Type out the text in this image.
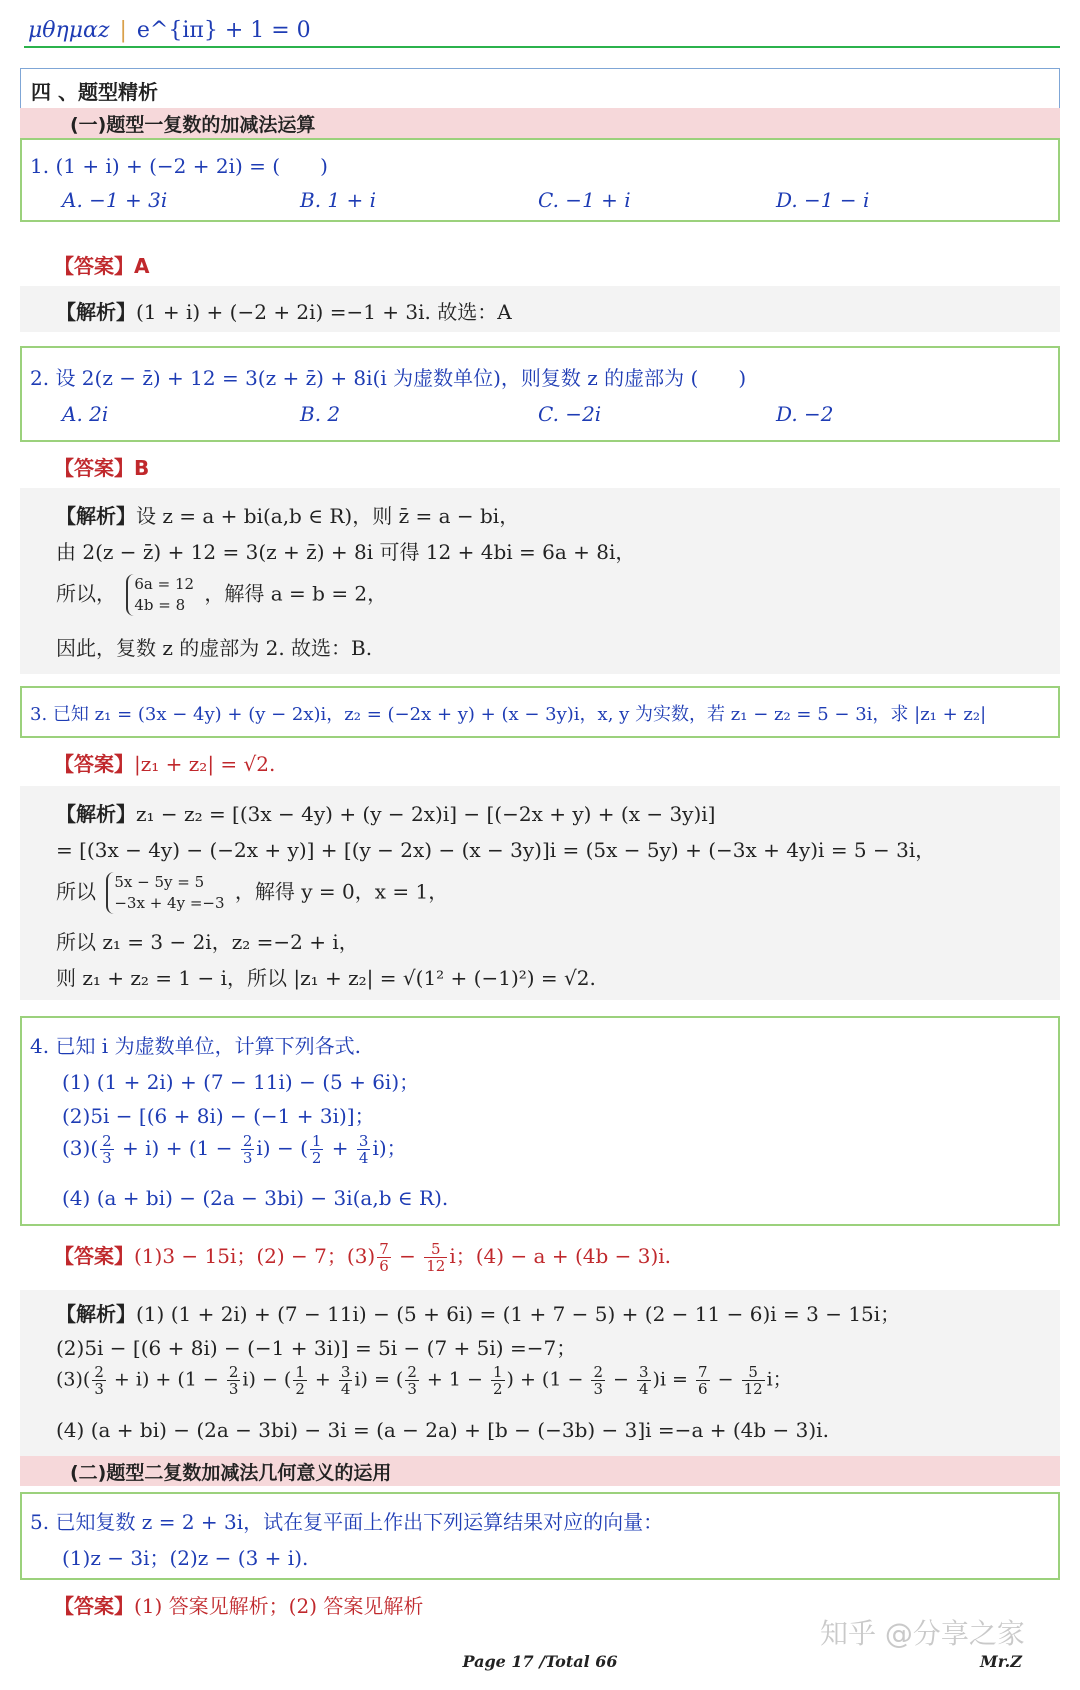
μθημαz | e^{iπ} + 1 = 0
四 、题型精析
(一)题型一复数的加减法运算
1. (1 + i) + (−2 + 2i) = (　　)
A. −1 + 3i	B. 1 + i	C. −1 + i	D. −1 − i
【答案】A
【解析】(1 + i) + (−2 + 2i) =−1 + 3i. 故选：A
2. 设 2(z − z̄) + 12 = 3(z + z̄) + 8i(i 为虚数单位)，则复数 z 的虚部为 (　　)
A. 2i	B. 2	C. −2i	D. −2
【答案】B
【解析】设 z = a + bi(a,b ∈ R)，则 z̄ = a − bi，
由 2(z − z̄) + 12 = 3(z + z̄) + 8i 可得 12 + 4bi = 6a + 8i，
所以， 6a = 12
4b = 8 ，解得 a = b = 2，
因此，复数 z 的虚部为 2. 故选：B.
3. 已知 z₁ = (3x − 4y) + (y − 2x)i，z₂ = (−2x + y) + (x − 3y)i，x, y 为实数，若 z₁ − z₂ = 5 − 3i，求 |z₁ + z₂|
【答案】|z₁ + z₂| = √2.
【解析】z₁ − z₂ = [(3x − 4y) + (y − 2x)i] − [(−2x + y) + (x − 3y)i]
= [(3x − 4y) − (−2x + y)] + [(y − 2x) − (x − 3y)]i = (5x − 5y) + (−3x + 4y)i = 5 − 3i，
所以 5x − 5y = 5
−3x + 4y =−3 ，解得 y = 0，x = 1，
所以 z₁ = 3 − 2i，z₂ =−2 + i，
则 z₁ + z₂ = 1 − i，所以 |z₁ + z₂| = √(1² + (−1)²) = √2.
4. 已知 i 为虚数单位，计算下列各式.
(1) (1 + 2i) + (7 − 11i) − (5 + 6i)；
(2)5i − [(6 + 8i) − (−1 + 3i)]；
$(3)( \frac{2}{3} + i) + (1 - \frac{2}{3} i)$ − ( $\frac{1}{2} + \frac{3}{4} i$)；
(4) (a + bi) − (2a − 3bi) − 3i(a,b ∈ R).
【答案】(1)3 − 15i；(2) − 7；$(3) \frac{7}{6} - \frac{5}{12}$ i；(4) − a + (4b − 3)i.
【解析】(1) (1 + 2i) + (7 − 11i) − (5 + 6i) = (1 + 7 − 5) + (2 − 11 − 6)i = 3 − 15i；
(2)5i − [(6 + 8i) − (−1 + 3i)] = 5i − (7 + 5i) =−7；
$(3)( \frac{2}{3} + i) + (1 - \frac{2}{3} i)$ − ( $\frac{1}{2} + \frac{3}{4} i$) = ( $\frac{2}{3} + 1 - \frac{1}{2}$ ) + $(1 - \frac{2}{3} - \frac{3}{4} )i = \frac{7}{6} - \frac{5}{12}$ i；
(4) (a + bi) − (2a − 3bi) − 3i = (a − 2a) + [b − (−3b) − 3]i =−a + (4b − 3)i.
(二)题型二复数加减法几何意义的运用
5. 已知复数 z = 2 + 3i，试在复平面上作出下列运算结果对应的向量：
(1)z − 3i；(2)z − (3 + i).
【答案】(1) 答案见解析；(2) 答案见解析
知乎 @分享之家
Page 17 /Total 66	Mr.Z
